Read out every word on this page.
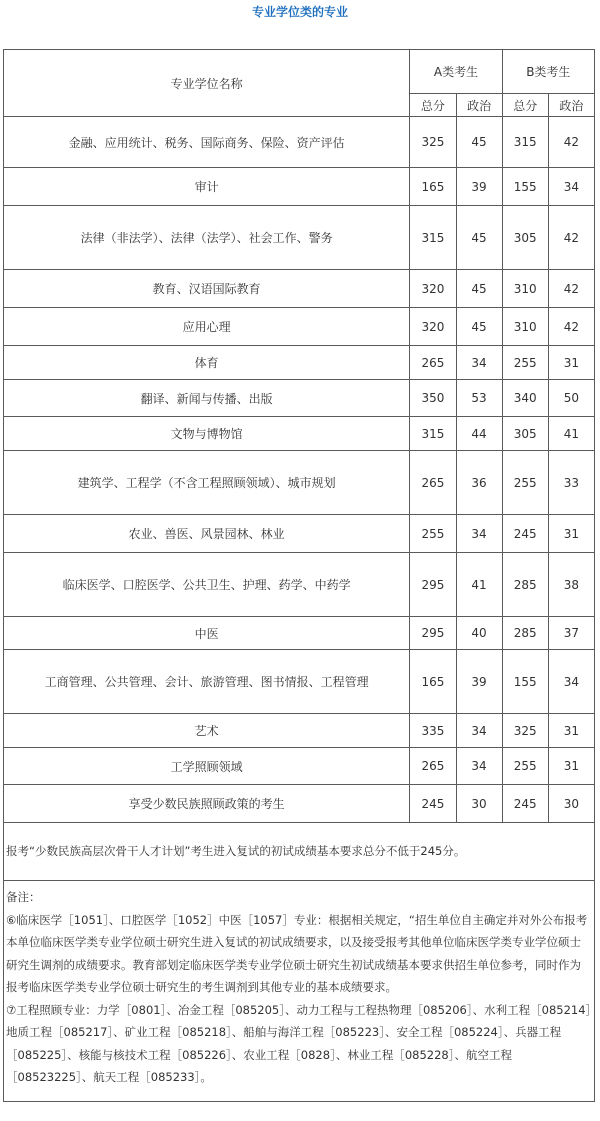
专业学位类的专业
专业学位名称	A类考生		B类考生	
	总分	政治	总分	政治
金融、应用统计、税务、国际商务、保险、资产评估	325	45	315	42
审计	165	39	155	34
法律（非法学）、法律（法学）、社会工作、警务	315	45	305	42
教育、汉语国际教育	320	45	310	42
应用心理	320	45	310	42
体育	265	34	255	31
翻译、新闻与传播、出版	350	53	340	50
文物与博物馆	315	44	305	41
建筑学、工程学（不含工程照顾领域）、城市规划	265	36	255	33
农业、兽医、风景园林、林业	255	34	245	31
临床医学、口腔医学、公共卫生、护理、药学、中药学	295	41	285	38
中医	295	40	285	37
工商管理、公共管理、会计、旅游管理、图书情报、工程管理	165	39	155	34
艺术	335	34	325	31
工学照顾领域	265	34	255	31
享受少数民族照顾政策的考生	245	30	245	30
报考“少数民族高层次骨干人才计划”考生进入复试的初试成绩基本要求总分不低于245分。				

备注：

⑥临床医学［1051］、口腔医学［1052］中医［1057］专业：根据相关规定，“招生单位自主确定并对外公布报考本单位临床医学类专业学位硕士研究生进入复试的初试成绩要求，以及接受报考其他单位临床医学类专业学位硕士研究生调剂的成绩要求。教育部划定临床医学类专业学位硕士研究生初试成绩基本要求供招生单位参考，同时作为报考临床医学类专业学位硕士研究生的考生调剂到其他专业的基本成绩要求。

⑦工程照顾专业：力学［0801］、冶金工程［085205］、动力工程与工程热物理［085206］、水利工程［085214］地质工程［085217］、矿业工程［085218］、船舶与海洋工程［085223］、安全工程［085224］、兵器工程［085225］、核能与核技术工程［085226］、农业工程［0828］、林业工程［085228］、航空工程［08523225］、航天工程［085233］。				
